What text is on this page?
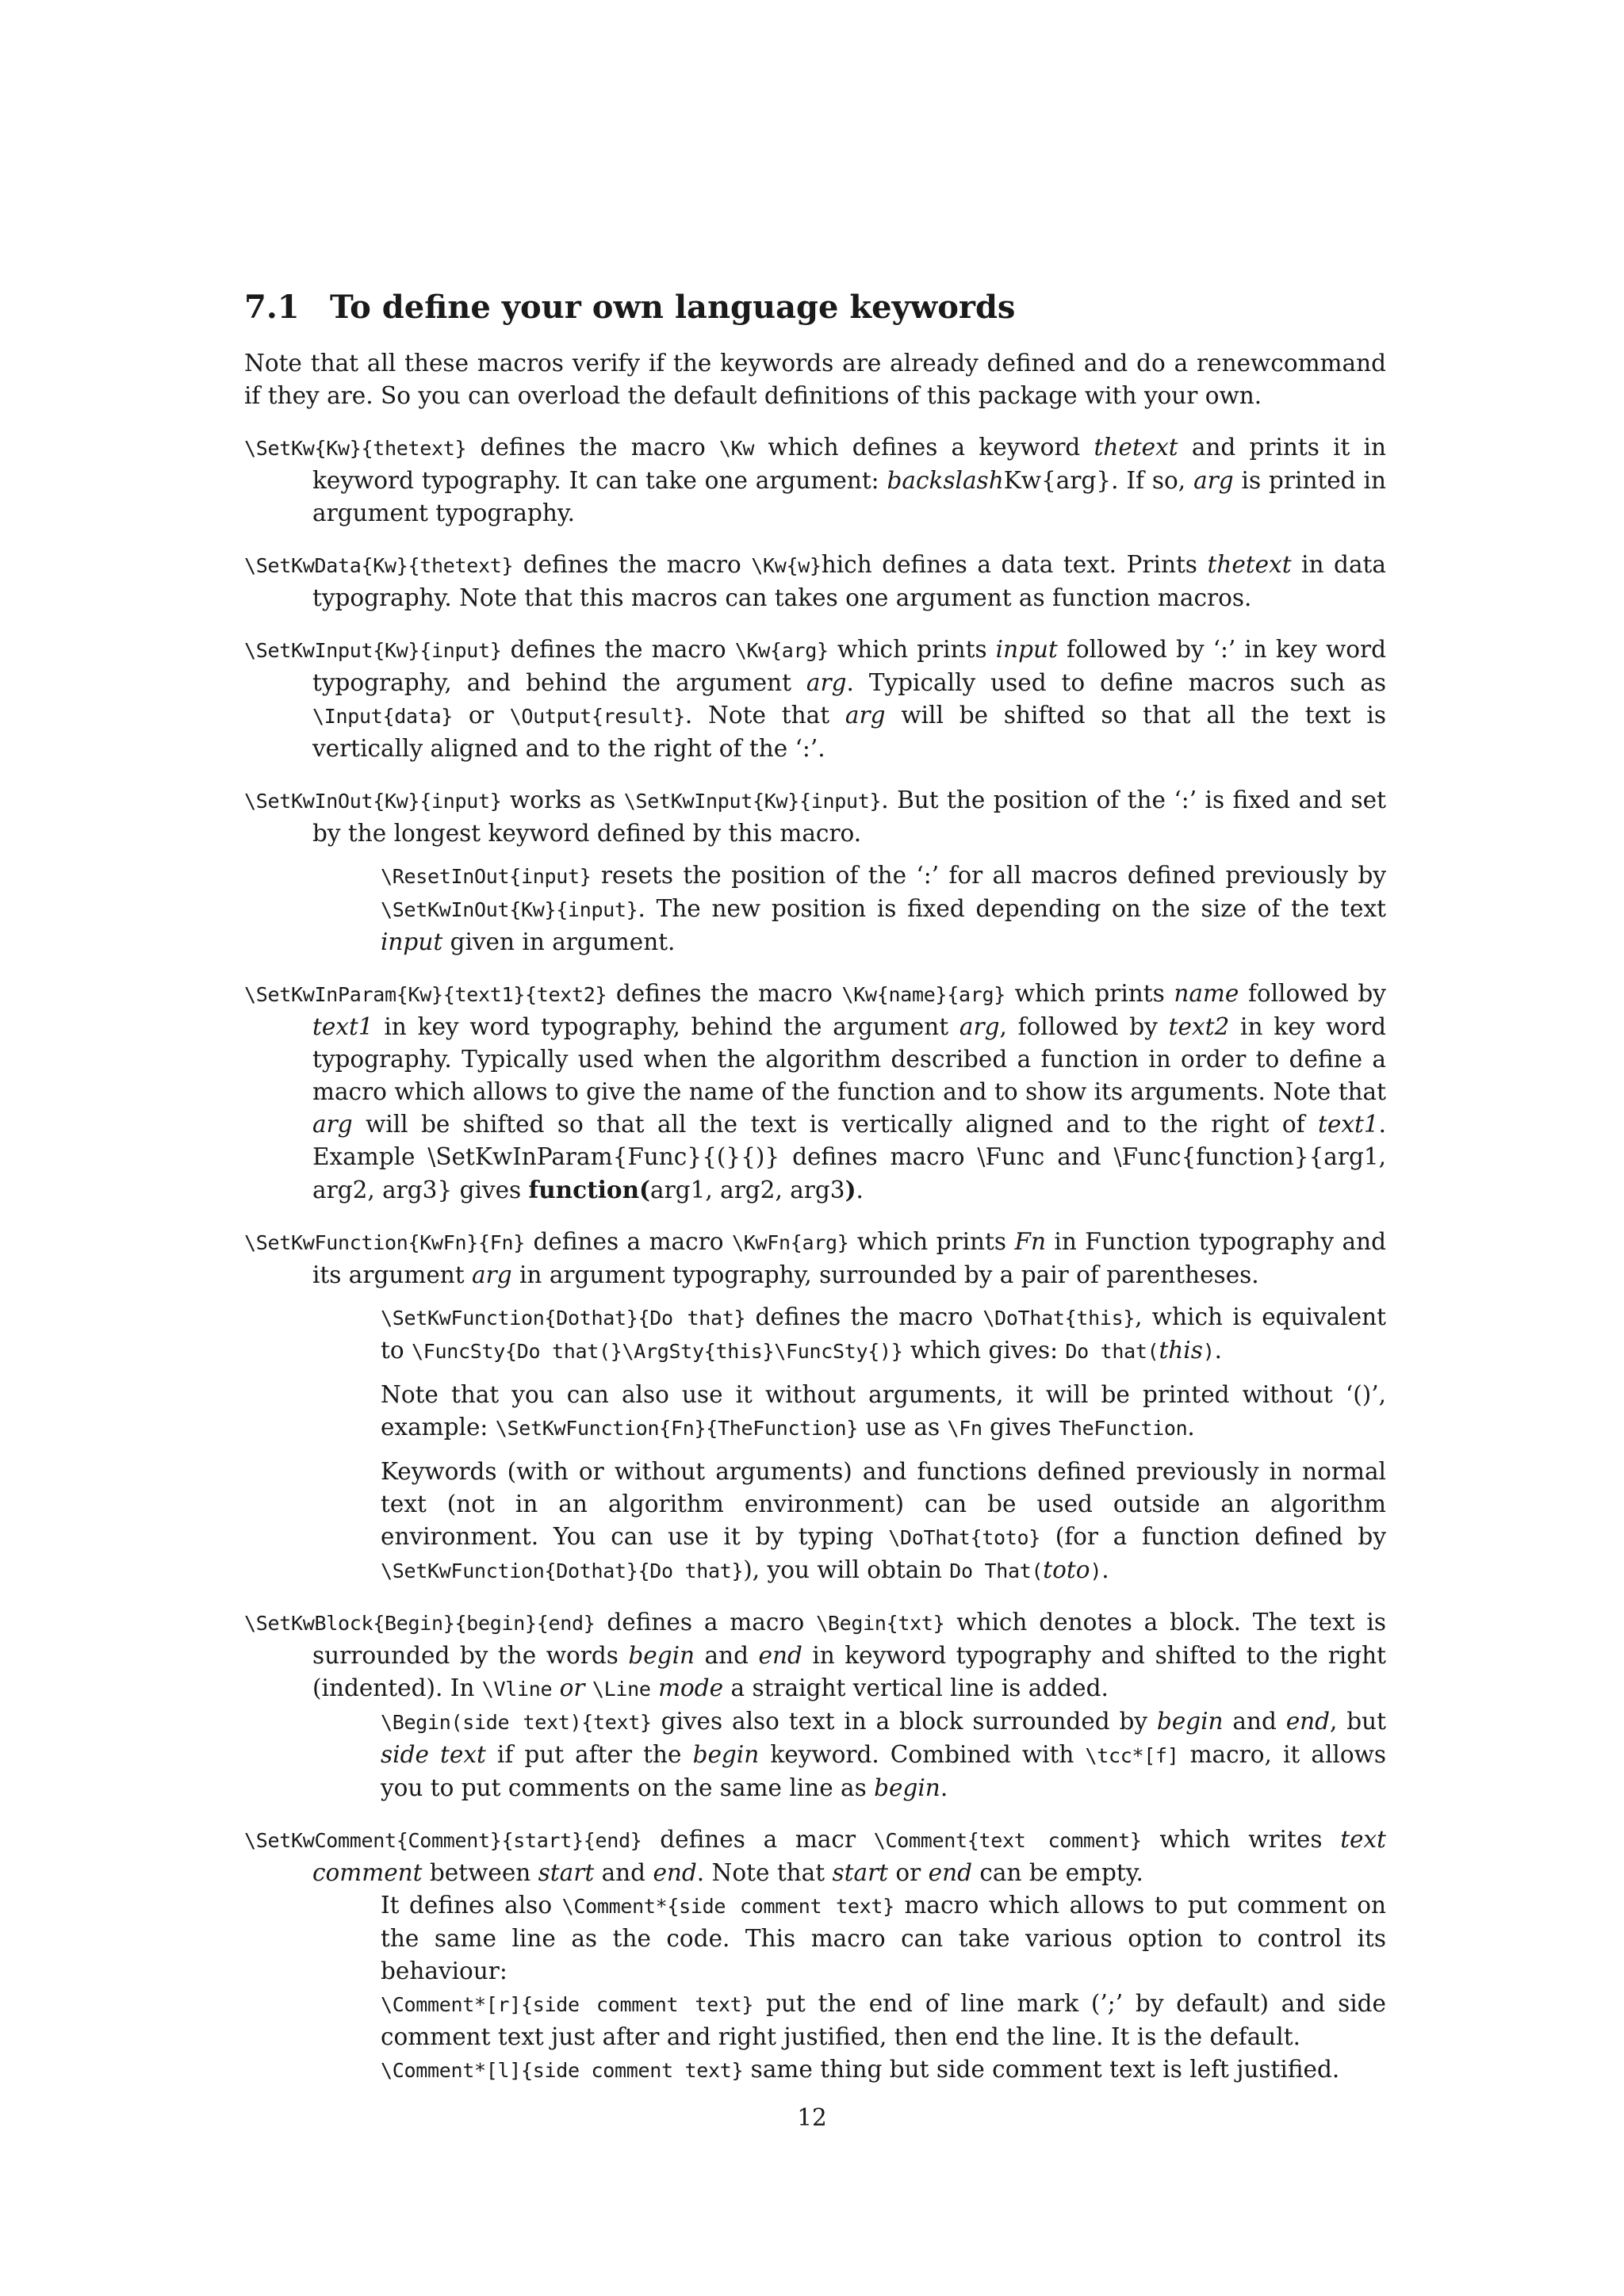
7.1 To define your own language keywords

Note that all these macros verify if the keywords are already defined and do a renewcommand if they are. So you can overload the default definitions of this package with your own.

\SetKw{Kw}{thetext} defines the macro \Kw which defines a keyword thetext and prints it in keyword typography. It can take one argument: backslashKw{arg}. If so, arg is printed in argument typography.
\SetKwData{Kw}{thetext} defines the macro \Kw{w}hich defines a data text. Prints thetext in data typography. Note that this macros can takes one argument as function macros.
\SetKwInput{Kw}{input} defines the macro \Kw{arg} which prints input followed by ‘:’ in key word typography, and behind the argument arg. Typically used to define macros such as \Input{data} or \Output{result}. Note that arg will be shifted so that all the text is vertically aligned and to the right of the ‘:’.
\SetKwInOut{Kw}{input} works as \SetKwInput{Kw}{input}. But the position of the ‘:’ is fixed and set by the longest keyword defined by this macro.

\ResetInOut{input} resets the position of the ‘:’ for all macros defined previously by \SetKwInOut{Kw}{input}. The new position is fixed depending on the size of the text input given in argument.

\SetKwInParam{Kw}{text1}{text2} defines the macro \Kw{name}{arg} which prints name followed by text1 in key word typography, behind the argument arg, followed by text2 in key word typography. Typically used when the algorithm described a function in order to define a macro which allows to give the name of the function and to show its arguments. Note that arg will be shifted so that all the text is vertically aligned and to the right of text1. Example \SetKwInParam{Func}{(}{)} defines macro \Func and \Func{function}{arg1, arg2, arg3} gives function(arg1, arg2, arg3).
\SetKwFunction{KwFn}{Fn} defines a macro \KwFn{arg} which prints Fn in Function typography and its argument arg in argument typography, surrounded by a pair of parentheses.

\SetKwFunction{Dothat}{Do that} defines the macro \DoThat{this}, which is equivalent to \FuncSty{Do that(}\ArgSty{this}\FuncSty{)} which gives: Do that(this).

Note that you can also use it without arguments, it will be printed without ‘()’, example: \SetKwFunction{Fn}{TheFunction} use as \Fn gives TheFunction.

Keywords (with or without arguments) and functions defined previously in normal text (not in an algorithm environment) can be used outside an algorithm environment. You can use it by typing \DoThat{toto} (for a function defined by \SetKwFunction{Dothat}{Do that}), you will obtain Do That(toto).

\SetKwBlock{Begin}{begin}{end} defines a macro \Begin{txt} which denotes a block. The text is surrounded by the words begin and end in keyword typography and shifted to the right (indented). In \Vline or \Line mode a straight vertical line is added.

\Begin(side text){text} gives also text in a block surrounded by begin and end, but side text if put after the begin keyword. Combined with \tcc*[f] macro, it allows you to put comments on the same line as begin.

\SetKwComment{Comment}{start}{end} defines a macr \Comment{text comment} which writes text comment between start and end. Note that start or end can be empty.

It defines also \Comment*{side comment text} macro which allows to put comment on the same line as the code. This macro can take various option to control its behaviour:

\Comment*[r]{side comment text} put the end of line mark (’;’ by default) and side comment text just after and right justified, then end the line. It is the default.

\Comment*[l]{side comment text} same thing but side comment text is left justified.

12
